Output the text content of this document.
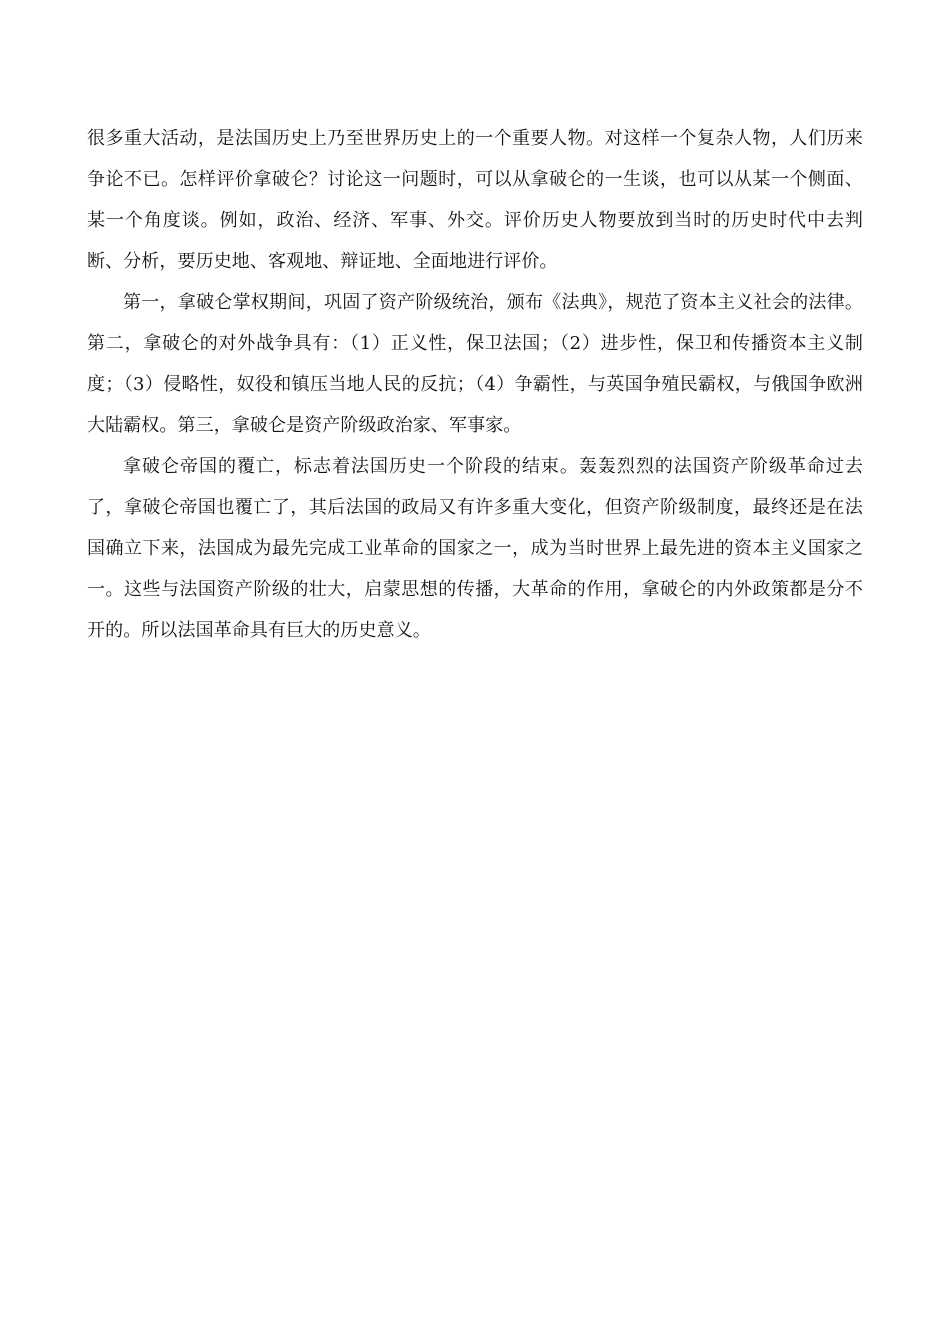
很多重大活动，是法国历史上乃至世界历史上的一个重要人物。对这样一个复杂人物，人们历来争论不已。怎样评价拿破仑？讨论这一问题时，可以从拿破仑的一生谈，也可以从某一个侧面、某一个角度谈。例如，政治、经济、军事、外交。评价历史人物要放到当时的历史时代中去判断、分析，要历史地、客观地、辩证地、全面地进行评价。

第一，拿破仑掌权期间，巩固了资产阶级统治，颁布《法典》，规范了资本主义社会的法律。第二，拿破仑的对外战争具有：（1）正义性，保卫法国；（2）进步性，保卫和传播资本主义制度；（3）侵略性，奴役和镇压当地人民的反抗；（4）争霸性，与英国争殖民霸权，与俄国争欧洲大陆霸权。第三，拿破仑是资产阶级政治家、军事家。

拿破仑帝国的覆亡，标志着法国历史一个阶段的结束。轰轰烈烈的法国资产阶级革命过去了，拿破仑帝国也覆亡了，其后法国的政局又有许多重大变化，但资产阶级制度，最终还是在法国确立下来，法国成为最先完成工业革命的国家之一，成为当时世界上最先进的资本主义国家之一。这些与法国资产阶级的壮大，启蒙思想的传播，大革命的作用，拿破仑的内外政策都是分不开的。所以法国革命具有巨大的历史意义。
